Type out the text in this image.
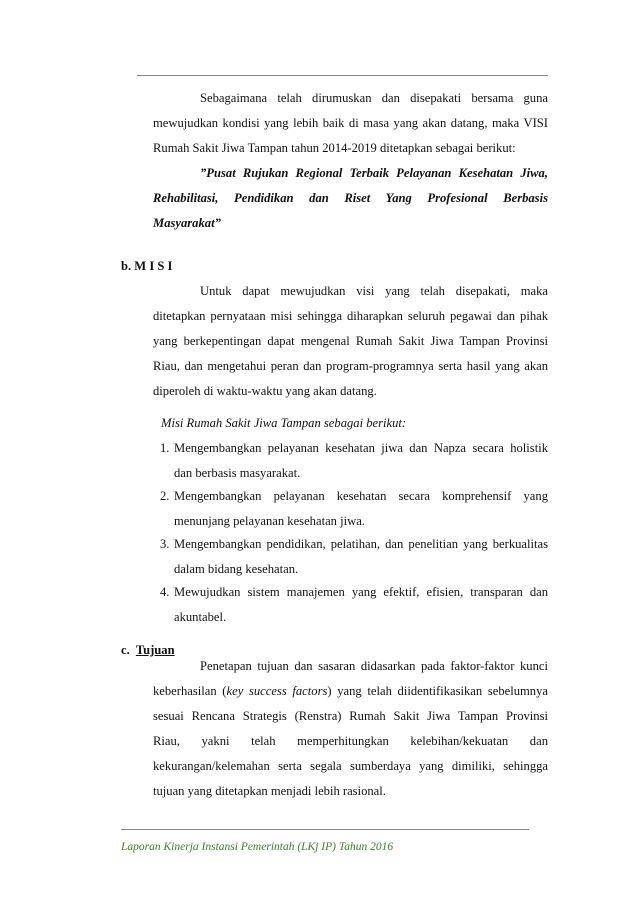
Sebagaimana telah dirumuskan dan disepakati bersama guna
mewujudkan kondisi yang lebih baik di masa yang akan datang, maka VISI
Rumah Sakit Jiwa Tampan tahun 2014-2019 ditetapkan sebagai berikut:
”Pusat Rujukan Regional Terbaik Pelayanan Kesehatan Jiwa,
Rehabilitasi, Pendidikan dan Riset Yang Profesional Berbasis
Masyarakat”
b. M I S I
Untuk dapat mewujudkan visi yang telah disepakati, maka
ditetapkan pernyataan misi sehingga diharapkan seluruh pegawai dan pihak
yang berkepentingan dapat mengenal Rumah Sakit Jiwa Tampan Provinsi
Riau, dan mengetahui peran dan program-programnya serta hasil yang akan
diperoleh di waktu-waktu yang akan datang.
Misi Rumah Sakit Jiwa Tampan sebagai berikut:
1. Mengembangkan pelayanan kesehatan jiwa dan Napza secara holistik
dan berbasis masyarakat.
2. Mengembangkan pelayanan kesehatan secara komprehensif yang
menunjang pelayanan kesehatan jiwa.
3. Mengembangkan pendidikan, pelatihan, dan penelitian yang berkualitas
dalam bidang kesehatan.
4. Mewujudkan sistem manajemen yang efektif, efisien, transparan dan
akuntabel.
c. Tujuan
Penetapan tujuan dan sasaran didasarkan pada faktor-faktor kunci
keberhasilan (key success factors) yang telah diidentifikasikan sebelumnya
sesuai Rencana Strategis (Renstra) Rumah Sakit Jiwa Tampan Provinsi
Riau, yakni telah memperhitungkan kelebihan/kekuatan dan
kekurangan/kelemahan serta segala sumberdaya yang dimiliki, sehingga
tujuan yang ditetapkan menjadi lebih rasional.
Laporan Kinerja Instansi Pemerintah (LKj IP) Tahun 2016
